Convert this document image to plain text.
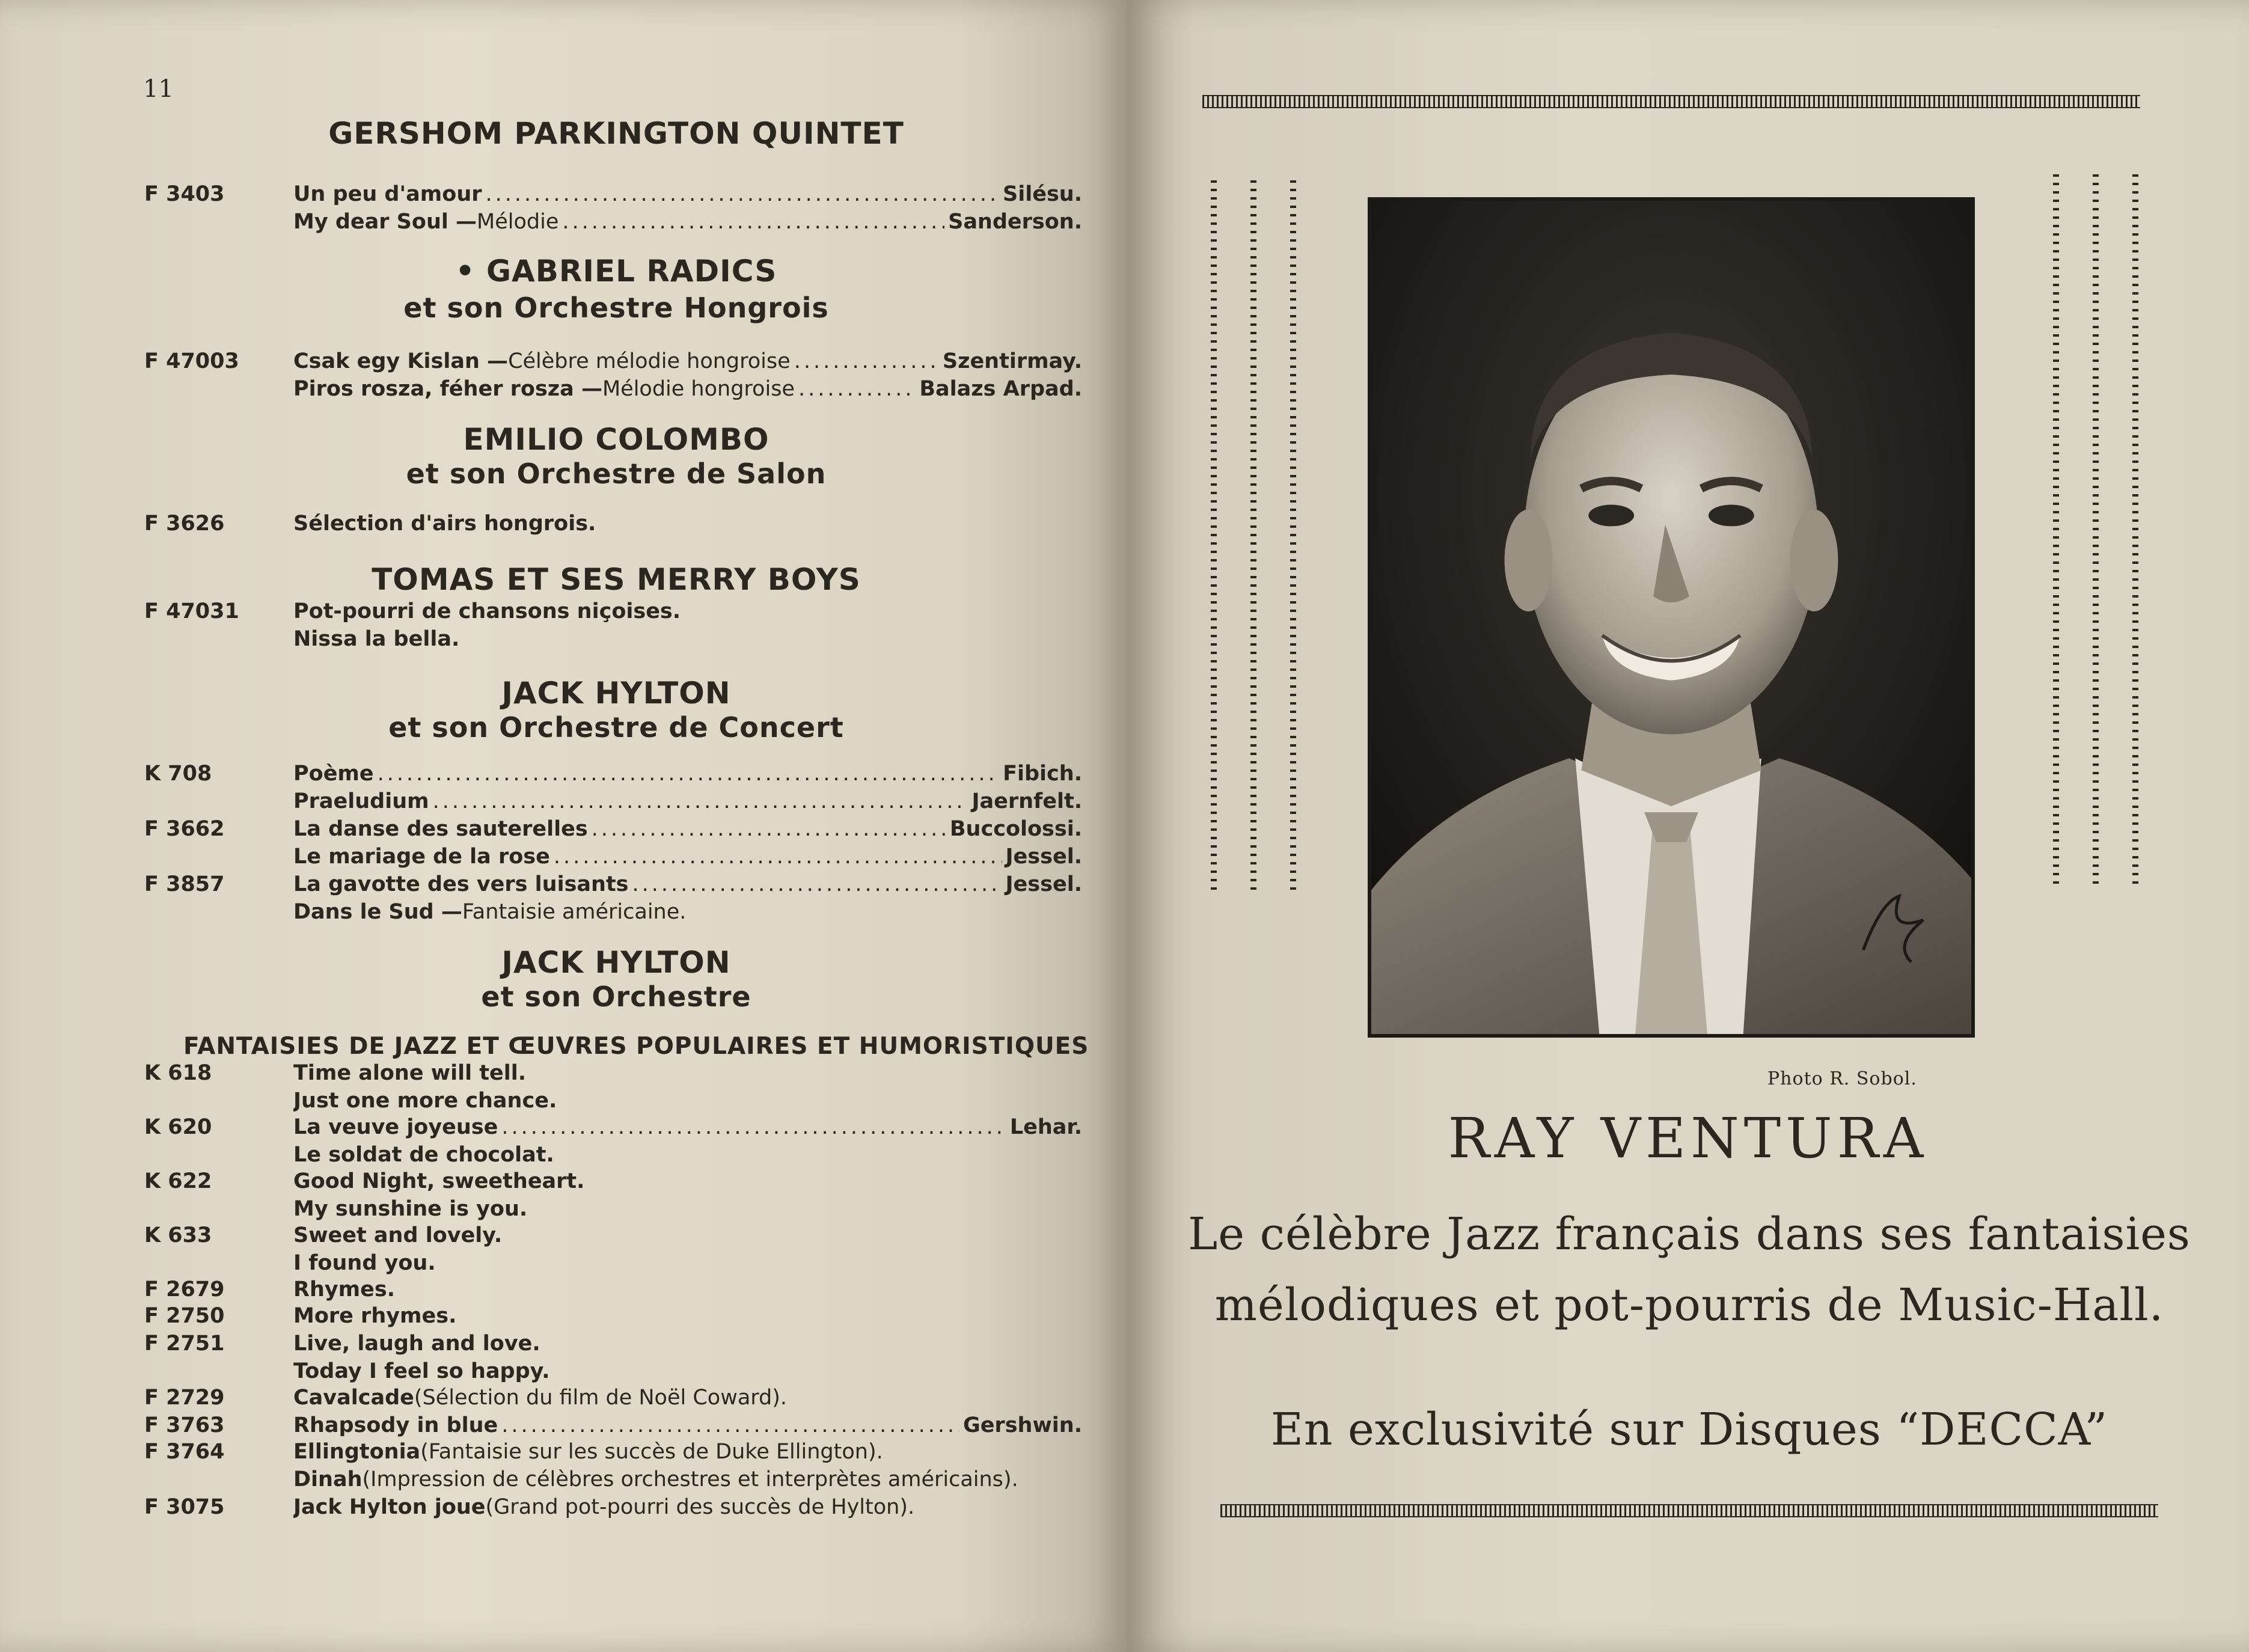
11
GERSHOM PARKINGTON QUINTET
F 3403	Un peu d'amour .....	Silésu.
My dear Soul — Mélodie .....	Sanderson.
• GABRIEL RADICS
et son Orchestre Hongrois
F 47003	Csak egy Kislan — Célèbre mélodie hongroise .....	Szentirmay.
Piros rosza, féher rosza — Mélodie hongroise .....	Balazs Arpad.
EMILIO COLOMBO
et son Orchestre de Salon
F 3626	Sélection d'airs hongrois.
TOMAS ET SES MERRY BOYS
F 47031	Pot-pourri de chansons niçoises.
Nissa la bella.
JACK HYLTON
et son Orchestre de Concert
K 708	Poème .....	Fibich.
Praeludium .....	Jaernfelt.
F 3662	La danse des sauterelles .....	Buccolossi.
Le mariage de la rose .....	Jessel.
F 3857	La gavotte des vers luisants .....	Jessel.
Dans le Sud — Fantaisie américaine.
JACK HYLTON
et son Orchestre
FANTAISIES DE JAZZ ET ŒUVRES POPULAIRES ET HUMORISTIQUES
K 618	Time alone will tell.
Just one more chance.
K 620	La veuve joyeuse .....	Lehar.
Le soldat de chocolat.
K 622	Good Night, sweetheart.
My sunshine is you.
K 633	Sweet and lovely.
I found you.
F 2679	Rhymes.
F 2750	More rhymes.
F 2751	Live, laugh and love.
Today I feel so happy.
F 2729	Cavalcade (Sélection du film de Noël Coward).
F 3763	Rhapsody in blue .....	Gershwin.
F 3764	Ellingtonia (Fantaisie sur les succès de Duke Ellington).
Dinah (Impression de célèbres orchestres et interprètes américains).
F 3075	Jack Hylton joue (Grand pot-pourri des succès de Hylton).
Photo R. Sobol.
RAY VENTURA
Le célèbre Jazz français dans ses fantaisies
mélodiques et pot-pourris de Music-Hall.
En exclusivité sur Disques “DECCA”
